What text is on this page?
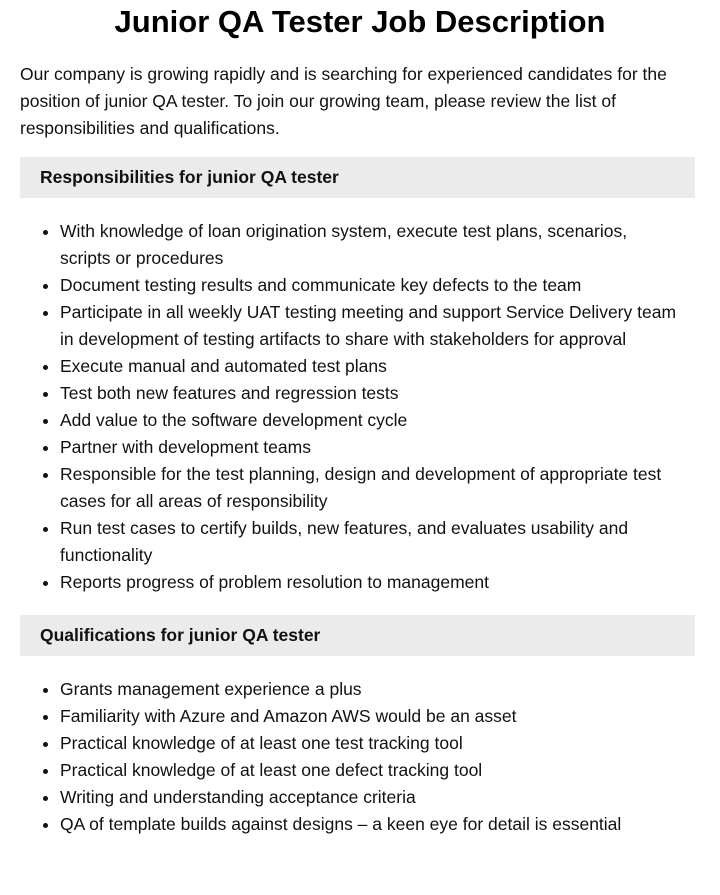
Junior QA Tester Job Description

Our company is growing rapidly and is searching for experienced candidates for the position of junior QA tester. To join our growing team, please review the list of responsibilities and qualifications.

Responsibilities for junior QA tester
• With knowledge of loan origination system, execute test plans, scenarios, scripts or procedures
• Document testing results and communicate key defects to the team
• Participate in all weekly UAT testing meeting and support Service Delivery team in development of testing artifacts to share with stakeholders for approval
• Execute manual and automated test plans
• Test both new features and regression tests
• Add value to the software development cycle
• Partner with development teams
• Responsible for the test planning, design and development of appropriate test cases for all areas of responsibility
• Run test cases to certify builds, new features, and evaluates usability and functionality
• Reports progress of problem resolution to management
Qualifications for junior QA tester
• Grants management experience a plus
• Familiarity with Azure and Amazon AWS would be an asset
• Practical knowledge of at least one test tracking tool
• Practical knowledge of at least one defect tracking tool
• Writing and understanding acceptance criteria
• QA of template builds against designs – a keen eye for detail is essential
